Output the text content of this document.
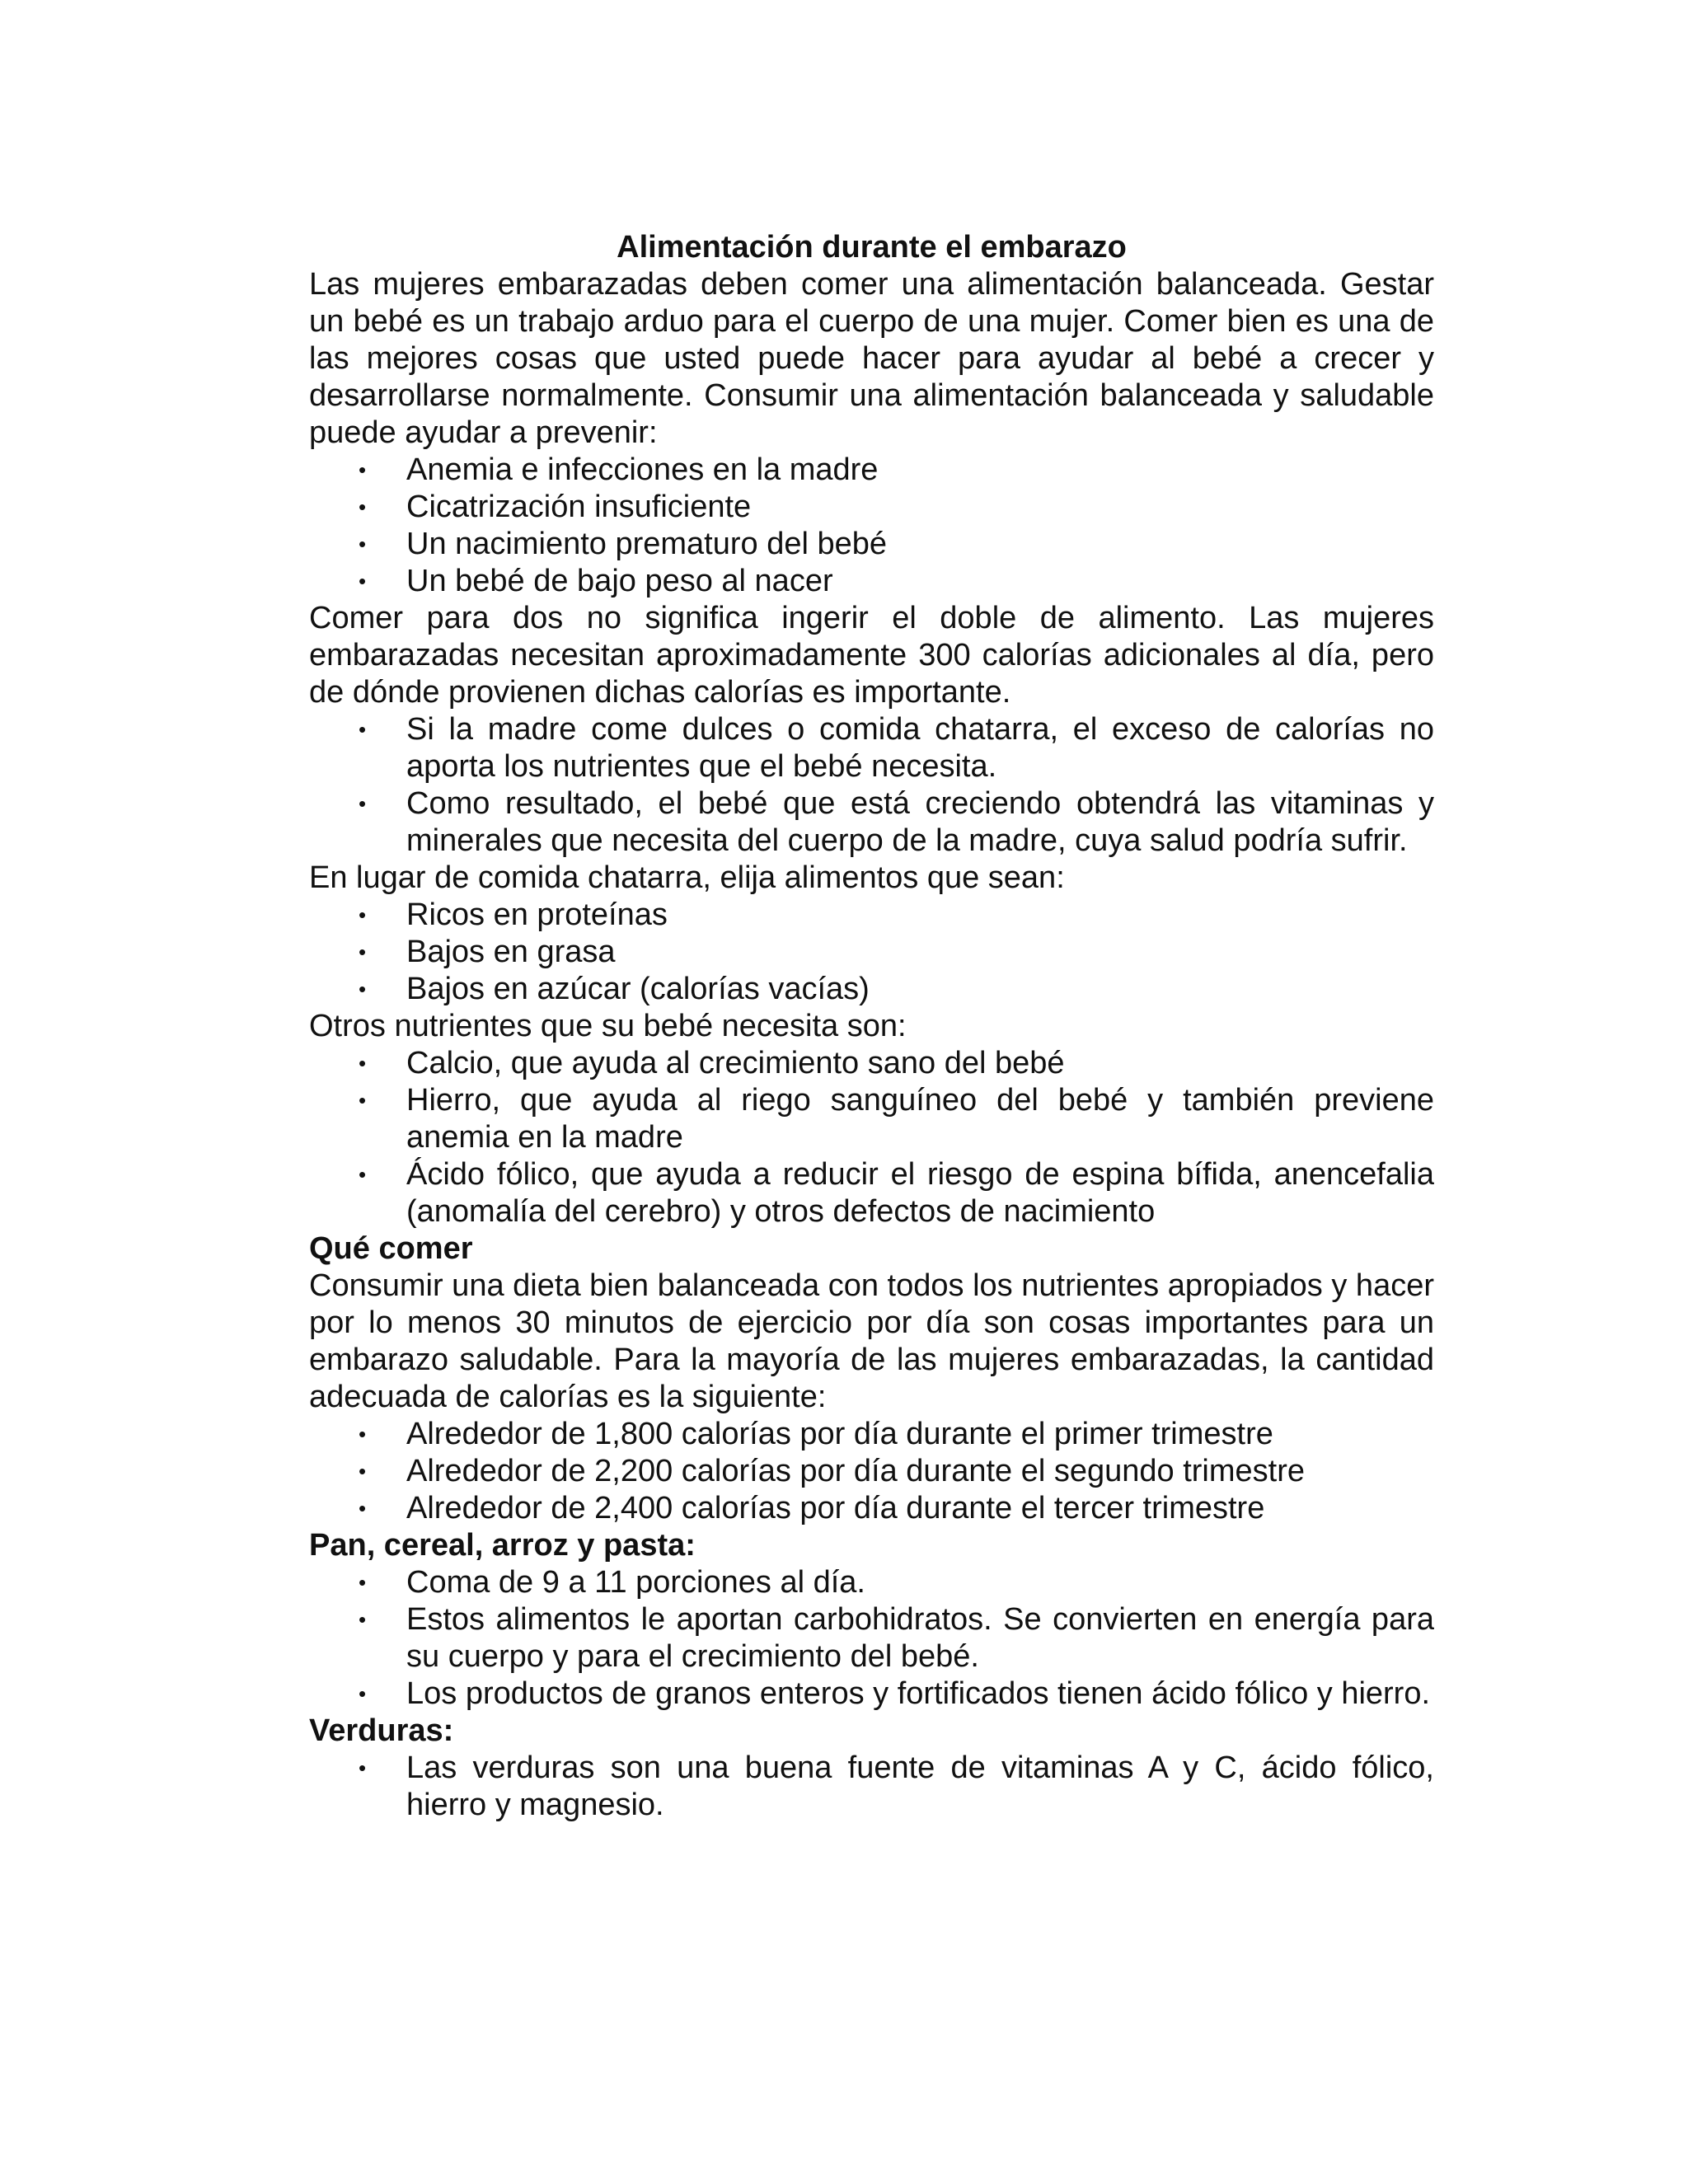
Alimentación durante el embarazo

Las mujeres embarazadas deben comer una alimentación balanceada. Gestar un bebé es un trabajo arduo para el cuerpo de una mujer. Comer bien es una de las mejores cosas que usted puede hacer para ayudar al bebé a crecer y desarrollarse normalmente. Consumir una alimentación balanceada y saludable puede ayudar a prevenir:

• Anemia e infecciones en la madre
• Cicatrización insuficiente
• Un nacimiento prematuro del bebé
• Un bebé de bajo peso al nacer

Comer para dos no significa ingerir el doble de alimento. Las mujeres embarazadas necesitan aproximadamente 300 calorías adicionales al día, pero de dónde provienen dichas calorías es importante.

• Si la madre come dulces o comida chatarra, el exceso de calorías no aporta los nutrientes que el bebé necesita.
• Como resultado, el bebé que está creciendo obtendrá las vitaminas y minerales que necesita del cuerpo de la madre, cuya salud podría sufrir.

En lugar de comida chatarra, elija alimentos que sean:

• Ricos en proteínas
• Bajos en grasa
• Bajos en azúcar (calorías vacías)

Otros nutrientes que su bebé necesita son:

• Calcio, que ayuda al crecimiento sano del bebé
• Hierro, que ayuda al riego sanguíneo del bebé y también previene anemia en la madre
• Ácido fólico, que ayuda a reducir el riesgo de espina bífida, anencefalia (anomalía del cerebro) y otros defectos de nacimiento

Qué comer

Consumir una dieta bien balanceada con todos los nutrientes apropiados y hacer por lo menos 30 minutos de ejercicio por día son cosas importantes para un embarazo saludable. Para la mayoría de las mujeres embarazadas, la cantidad adecuada de calorías es la siguiente:

• Alrededor de 1,800 calorías por día durante el primer trimestre
• Alrededor de 2,200 calorías por día durante el segundo trimestre
• Alrededor de 2,400 calorías por día durante el tercer trimestre

Pan, cereal, arroz y pasta:

• Coma de 9 a 11 porciones al día.
• Estos alimentos le aportan carbohidratos. Se convierten en energía para su cuerpo y para el crecimiento del bebé.
• Los productos de granos enteros y fortificados tienen ácido fólico y hierro.

Verduras:

• Las verduras son una buena fuente de vitaminas A y C, ácido fólico, hierro y magnesio.
